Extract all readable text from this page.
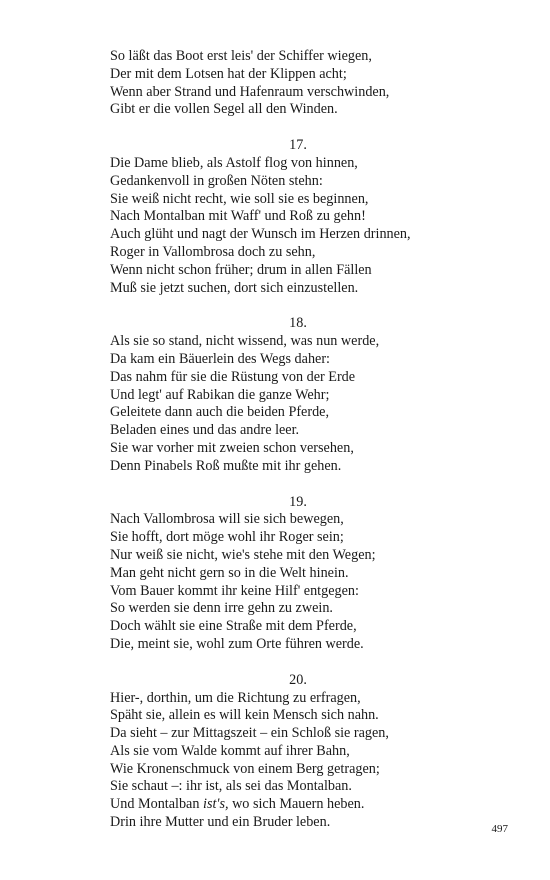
So läßt das Boot erst leis' der Schiffer wiegen,
Der mit dem Lotsen hat der Klippen acht;
Wenn aber Strand und Hafenraum verschwinden,
Gibt er die vollen Segel all den Winden.
17.
Die Dame blieb, als Astolf flog von hinnen,
Gedankenvoll in großen Nöten stehn:
Sie weiß nicht recht, wie soll sie es beginnen,
Nach Montalban mit Waff' und Roß zu gehn!
Auch glüht und nagt der Wunsch im Herzen drinnen,
Roger in Vallombrosa doch zu sehn,
Wenn nicht schon früher; drum in allen Fällen
Muß sie jetzt suchen, dort sich einzustellen.
18.
Als sie so stand, nicht wissend, was nun werde,
Da kam ein Bäuerlein des Wegs daher:
Das nahm für sie die Rüstung von der Erde
Und legt' auf Rabikan die ganze Wehr;
Geleitete dann auch die beiden Pferde,
Beladen eines und das andre leer.
Sie war vorher mit zweien schon versehen,
Denn Pinabels Roß mußte mit ihr gehen.
19.
Nach Vallombrosa will sie sich bewegen,
Sie hofft, dort möge wohl ihr Roger sein;
Nur weiß sie nicht, wie's stehe mit den Wegen;
Man geht nicht gern so in die Welt hinein.
Vom Bauer kommt ihr keine Hilf' entgegen:
So werden sie denn irre gehn zu zwein.
Doch wählt sie eine Straße mit dem Pferde,
Die, meint sie, wohl zum Orte führen werde.
20.
Hier-, dorthin, um die Richtung zu erfragen,
Späht sie, allein es will kein Mensch sich nahn.
Da sieht – zur Mittagszeit – ein Schloß sie ragen,
Als sie vom Walde kommt auf ihrer Bahn,
Wie Kronenschmuck von einem Berg getragen;
Sie schaut –: ihr ist, als sei das Montalban.
Und Montalban ist's, wo sich Mauern heben.
Drin ihre Mutter und ein Bruder leben.	497
